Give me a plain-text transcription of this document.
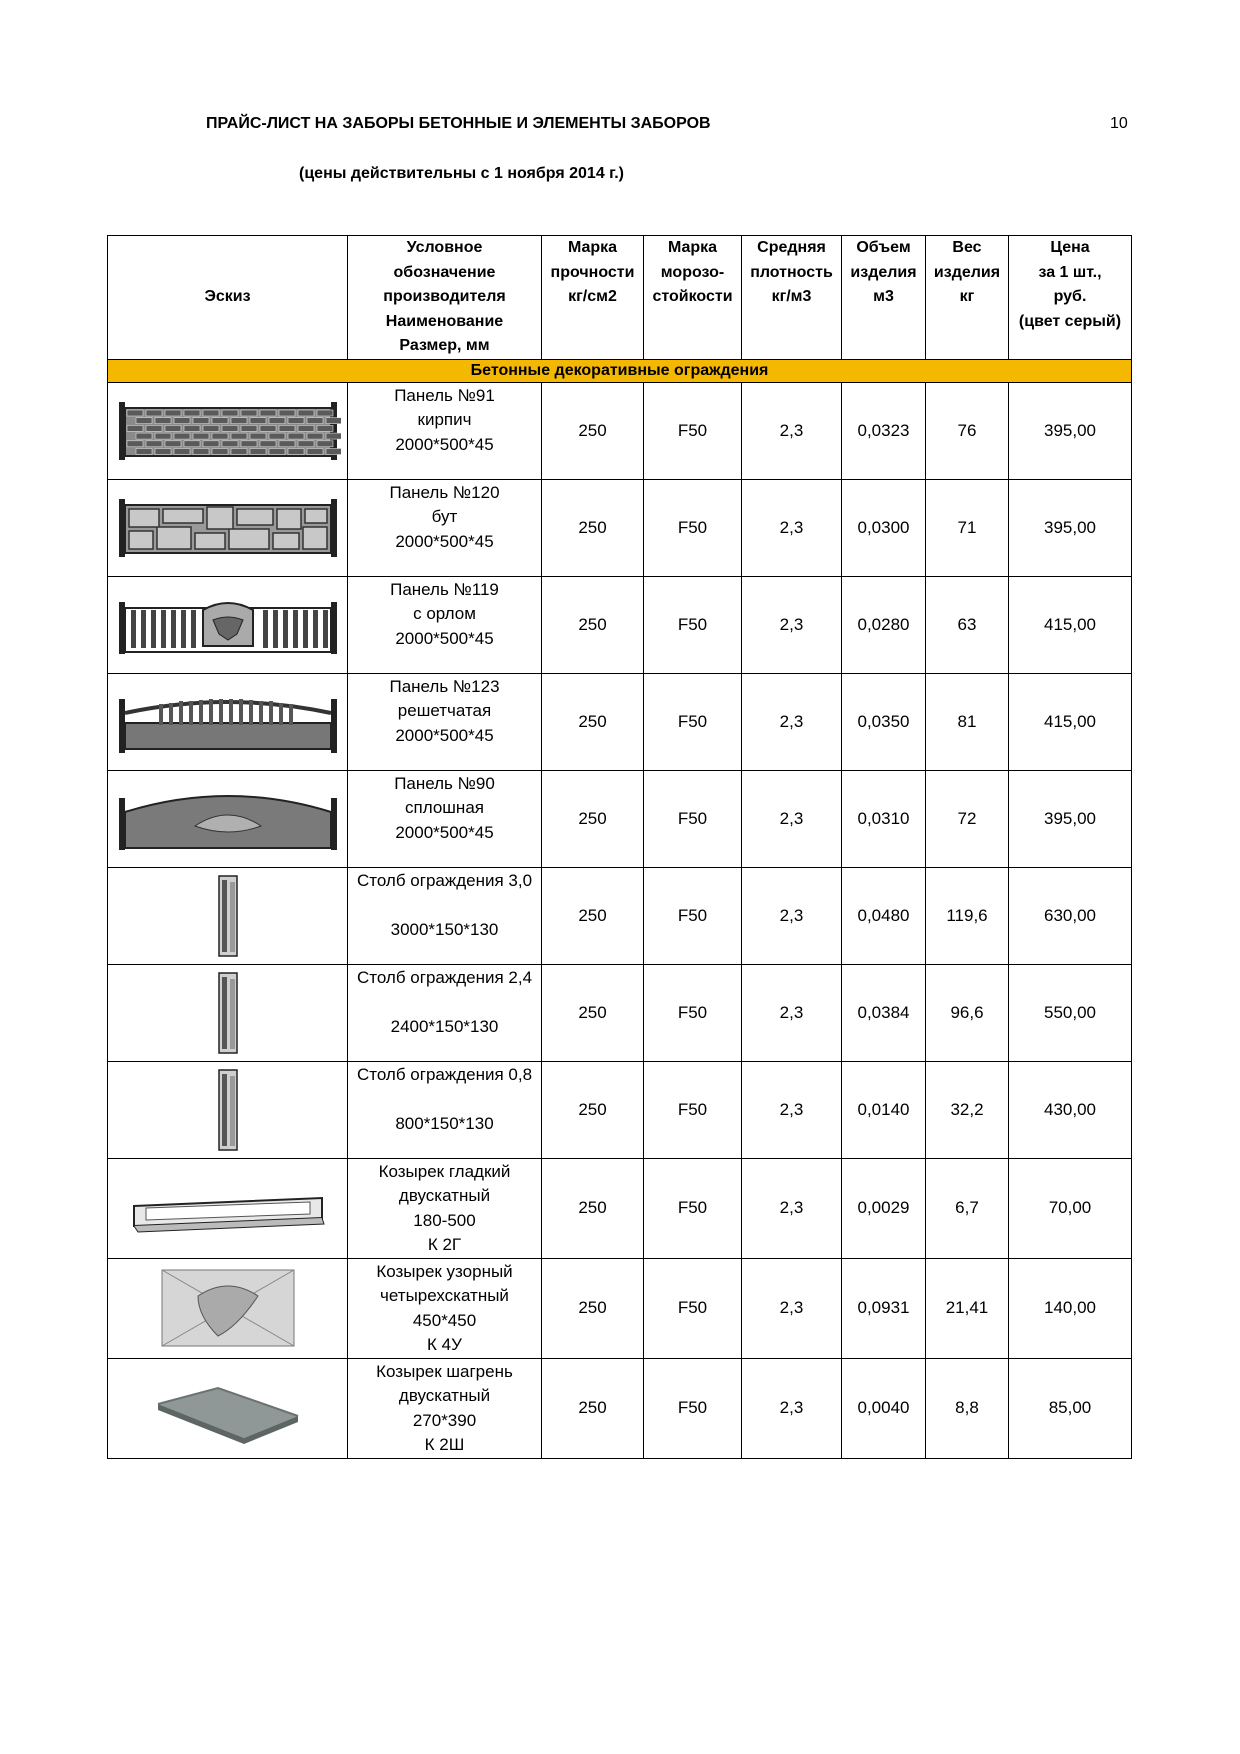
ПРАЙС-ЛИСТ НА ЗАБОРЫ БЕТОННЫЕ И ЭЛЕМЕНТЫ ЗАБОРОВ	10
(цены действительны с 1 ноября 2014 г.)
Эскиз	Условное
обозначение
производителя
Наименование
Размер, мм	Марка
прочности
кг/см2	Марка
морозо-
стойкости	Средняя
плотность
кг/м3	Объем
изделия
м3	Вес
изделия
кг	Цена
за 1 шт.,
руб.
(цвет серый)

Бетонные декоративные ограждения							

Панель №91
кирпич
2000*500*45	250	F50	2,3	0,0323	76	395,00

Панель №120
бут
2000*500*45	250	F50	2,3	0,0300	71	395,00

Панель №119
с орлом
2000*500*45	250	F50	2,3	0,0280	63	415,00

Панель №123
решетчатая
2000*500*45	250	F50	2,3	0,0350	81	415,00

Панель №90
сплошная
2000*500*45	250	F50	2,3	0,0310	72	395,00

Столб ограждения 3,0

3000*150*130	250	F50	2,3	0,0480	119,6	630,00

Столб ограждения 2,4

2400*150*130	250	F50	2,3	0,0384	96,6	550,00

Столб ограждения 0,8

800*150*130	250	F50	2,3	0,0140	32,2	430,00

Козырек гладкий
двускатный
180-500
К 2Г	250	F50	2,3	0,0029	6,7	70,00

Козырек узорный
четырехскатный
450*450
К 4У	250	F50	2,3	0,0931	21,41	140,00

Козырек шагрень
двускатный
270*390
К 2Ш	250	F50	2,3	0,0040	8,8	85,00
